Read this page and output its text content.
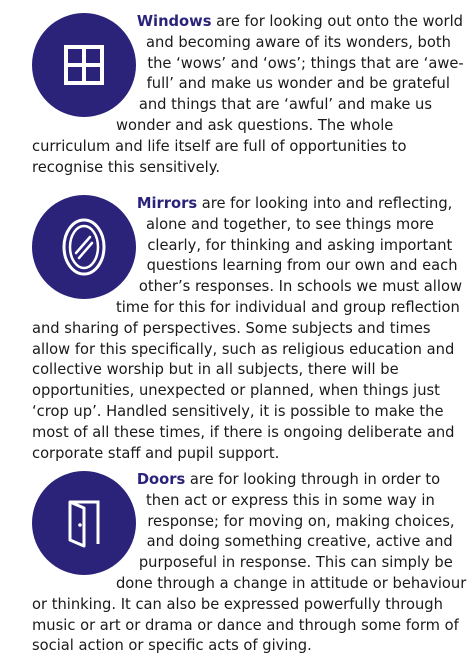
Windows are for looking out onto the world and becoming aware of its wonders, both the ‘wows’ and ‘ows’; things that are ‘awe-full’ and make us wonder and be grateful and things that are ‘awful’ and make us wonder and ask questions. The whole curriculum and life itself are full of opportunities to recognise this sensitively.

Mirrors are for looking into and reflecting, alone and together, to see things more clearly, for thinking and asking important questions learning from our own and each other’s responses. In schools we must allow time for this for individual and group reflection and sharing of perspectives. Some subjects and times allow for this specifically, such as religious education and collective worship but in all subjects, there will be opportunities, unexpected or planned, when things just ‘crop up’. Handled sensitively, it is possible to make the most of all these times, if there is ongoing deliberate and corporate staff and pupil support.

Doors are for looking through in order to then act or express this in some way in response; for moving on, making choices, and doing something creative, active and purposeful in response. This can simply be done through a change in attitude or behaviour or thinking. It can also be expressed powerfully through music or art or drama or dance and through some form of social action or specific acts of giving.
